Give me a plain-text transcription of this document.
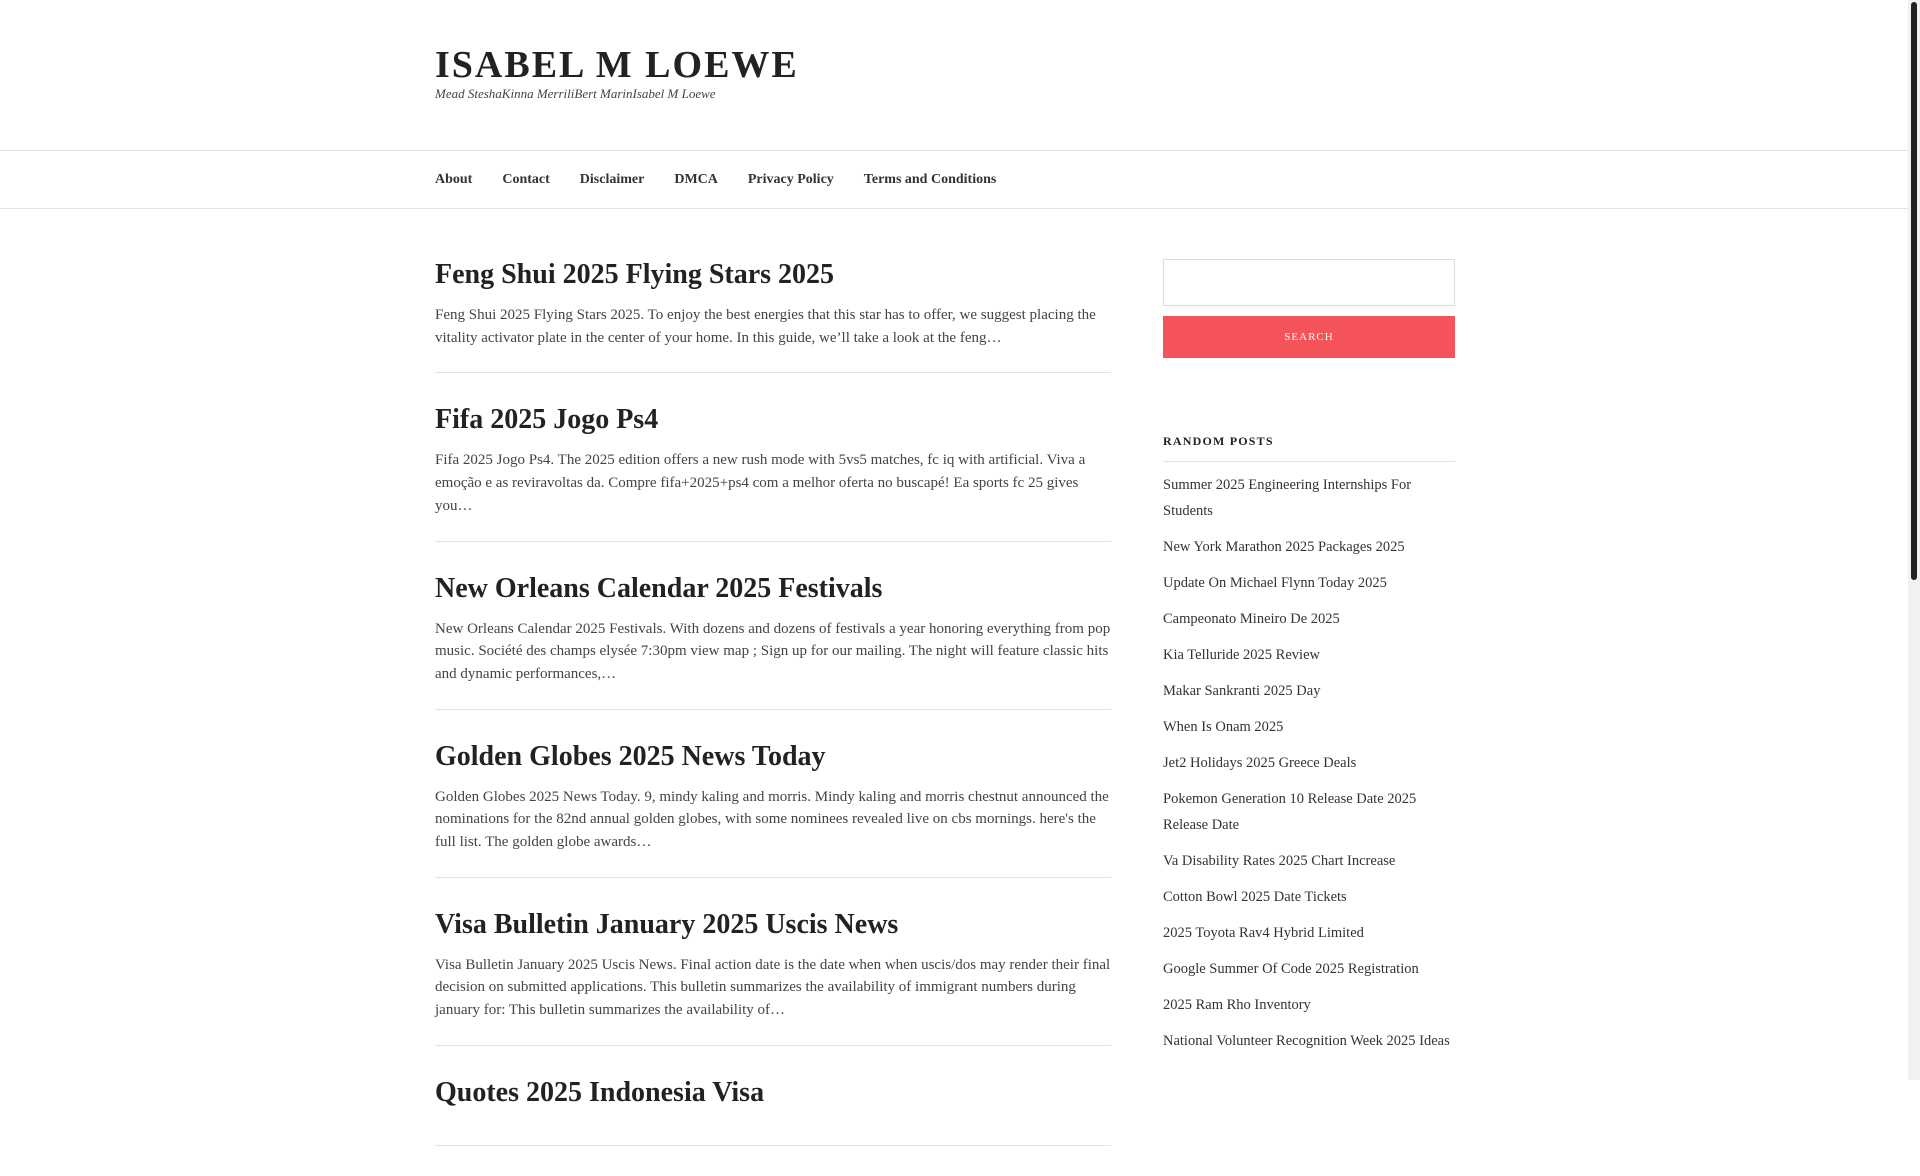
ISABEL M LOEWE

Mead SteshaKinna MerriliBert MarinIsabel M Loewe

About Contact Disclaimer DMCA Privacy Policy Terms and Conditions
Feng Shui 2025 Flying Stars 2025

Feng Shui 2025 Flying Stars 2025. To enjoy the best energies that this star has to offer, we suggest placing the vitality activator plate in the center of your home. In this guide, we’ll take a look at the feng…

Fifa 2025 Jogo Ps4

Fifa 2025 Jogo Ps4. The 2025 edition offers a new rush mode with 5vs5 matches, fc iq with artificial. Viva a emoção e as reviravoltas da. Compre fifa+2025+ps4 com a melhor oferta no buscapé! Ea sports fc 25 gives you…

New Orleans Calendar 2025 Festivals

New Orleans Calendar 2025 Festivals. With dozens and dozens of festivals a year honoring everything from pop music. Société des champs elysée 7:30pm view map ; Sign up for our mailing. The night will feature classic hits and dynamic performances,…

Golden Globes 2025 News Today

Golden Globes 2025 News Today. 9, mindy kaling and morris. Mindy kaling and morris chestnut announced the nominations for the 82nd annual golden globes, with some nominees revealed live on cbs mornings. here's the full list. The golden globe awards…

Visa Bulletin January 2025 Uscis News

Visa Bulletin January 2025 Uscis News. Final action date is the date when when uscis/dos may render their final decision on submitted applications. This bulletin summarizes the availability of immigrant numbers during january for: This bulletin summarizes the availability of…

Quotes 2025 Indonesia Visa

SEARCH
RANDOM POSTS
Summer 2025 Engineering Internships For Students
New York Marathon 2025 Packages 2025
Update On Michael Flynn Today 2025
Campeonato Mineiro De 2025
Kia Telluride 2025 Review
Makar Sankranti 2025 Day
When Is Onam 2025
Jet2 Holidays 2025 Greece Deals
Pokemon Generation 10 Release Date 2025 Release Date
Va Disability Rates 2025 Chart Increase
Cotton Bowl 2025 Date Tickets
2025 Toyota Rav4 Hybrid Limited
Google Summer Of Code 2025 Registration
2025 Ram Rho Inventory
National Volunteer Recognition Week 2025 Ideas
